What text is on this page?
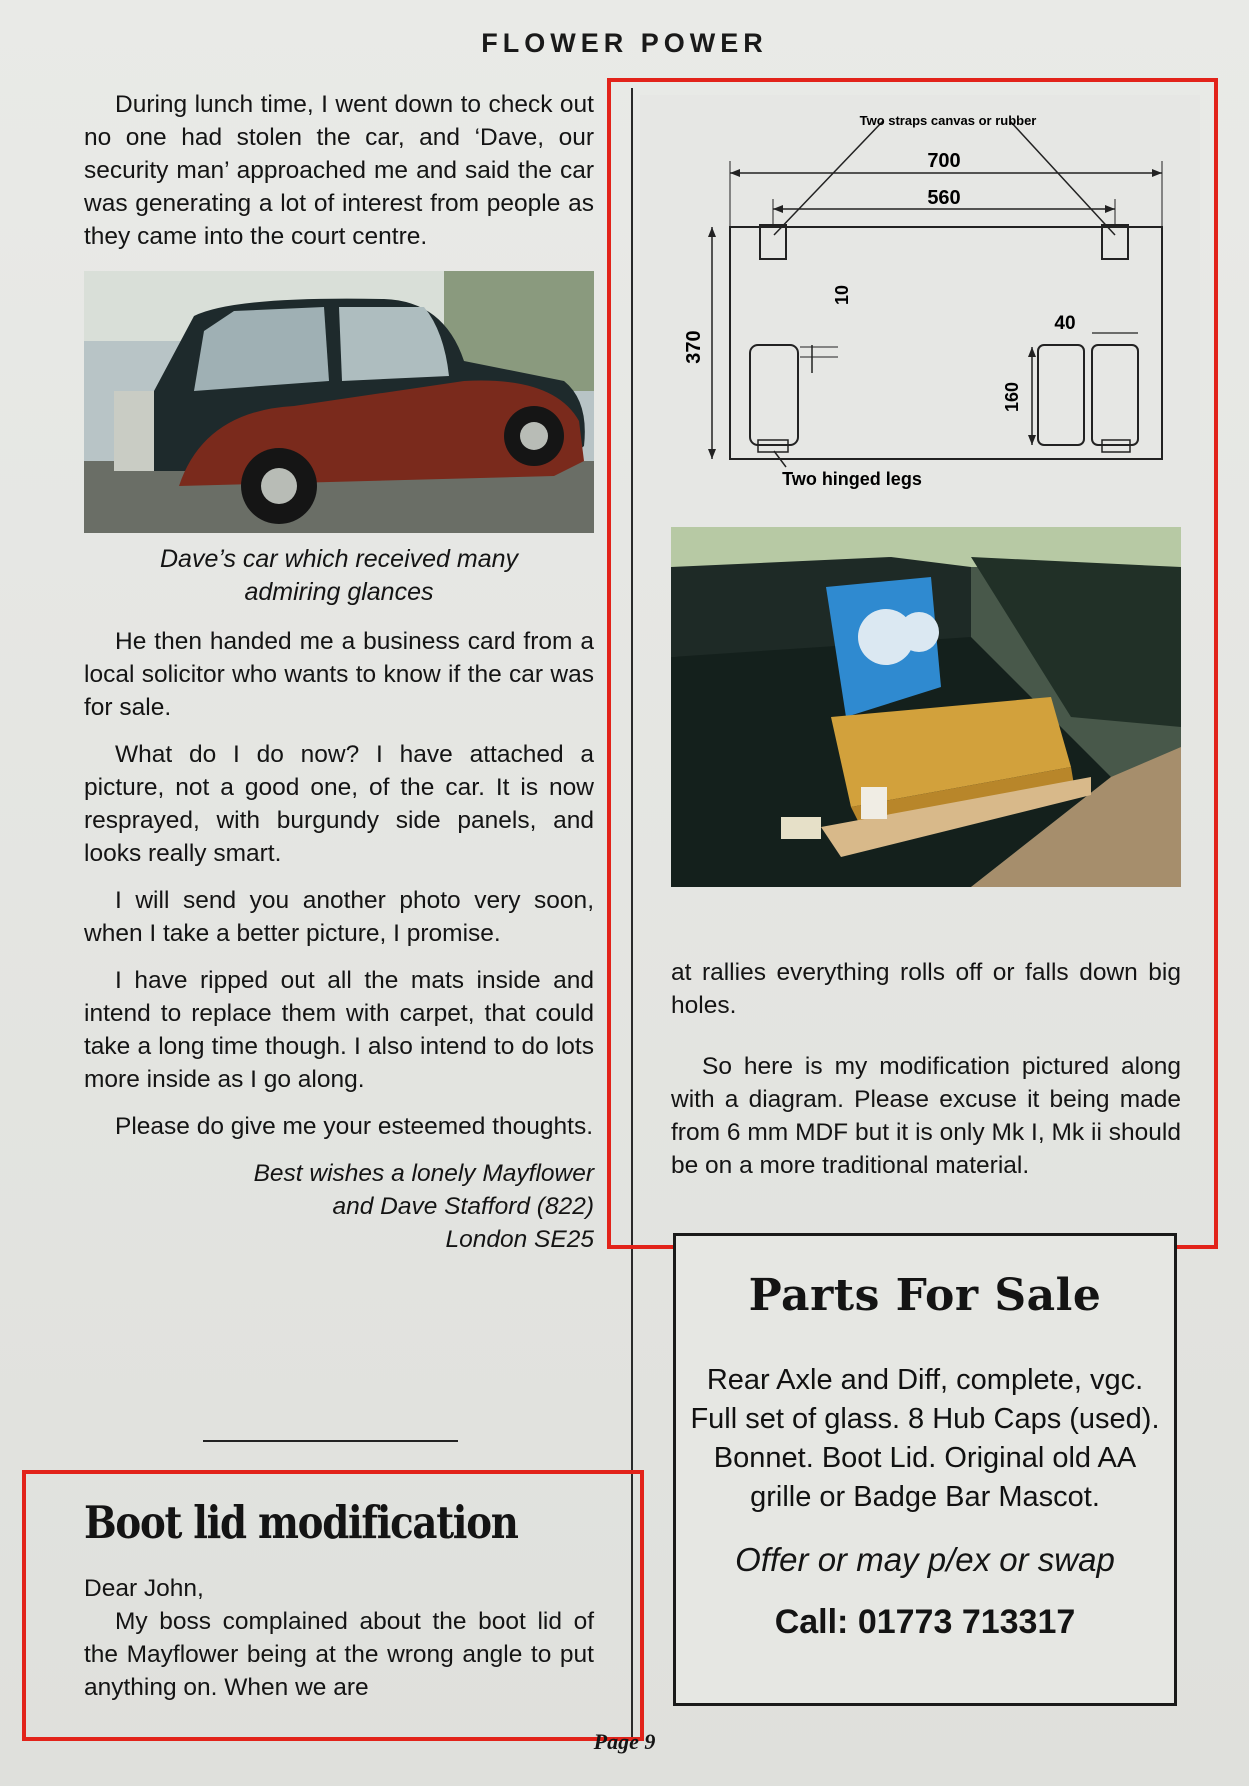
FLOWER POWER

During lunch time, I went down to check out no one had stolen the car, and ‘Dave, our security man’ approached me and said the car was generating a lot of interest from people as they came into the court centre.

Dave’s car which received many
admiring glances

He then handed me a business card from a local solicitor who wants to know if the car was for sale.

What do I do now? I have attached a picture, not a good one, of the car. It is now resprayed, with burgundy side panels, and looks really smart.

I will send you another photo very soon, when I take a better picture, I promise.

I have ripped out all the mats inside and intend to replace them with carpet, that could take a long time though. I also intend to do lots more inside as I go along.

Please do give me your esteemed thoughts.

Best wishes a lonely Mayflower
and Dave Stafford (822)
London SE25
Boot lid modification

Dear John,

My boss complained about the boot lid of the Mayflower being at the wrong angle to put anything on. When we are

Two straps canvas or rubber
700
560
370
10
40
160
Two hinged legs

at rallies everything rolls off or falls down big holes.

So here is my modification pictured along with a diagram. Please excuse it being made from 6 mm MDF but it is only Mk I, Mk ii should be on a more traditional material.

Parts For Sale
Rear Axle and Diff, complete, vgc. Full set of glass. 8 Hub Caps (used). Bonnet. Boot Lid. Original old AA grille or Badge Bar Mascot.
Offer or may p/ex or swap
Call: 01773 713317
Page 9
